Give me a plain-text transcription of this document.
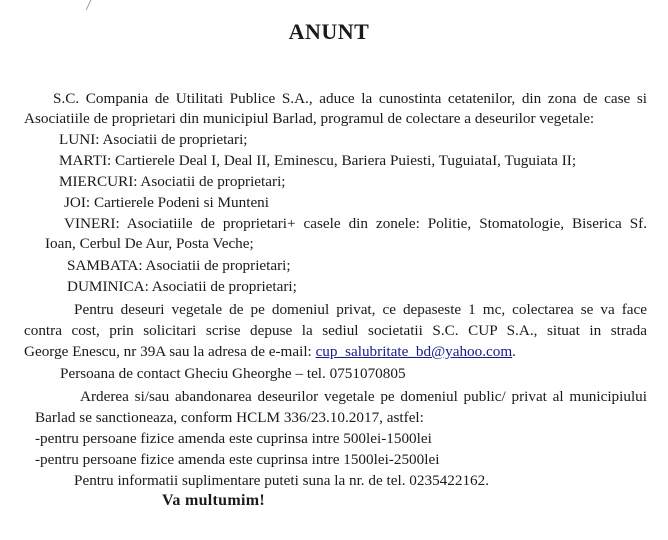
ANUNT
S.C. Compania de Utilitati Publice S.A., aduce la cunostinta cetatenilor, din zona de case si
Asociatiile de proprietari din municipiul Barlad, programul de colectare a deseurilor vegetale:
LUNI: Asociatii de proprietari;
MARTI: Cartierele Deal I, Deal II, Eminescu, Bariera Puiesti, TuguiataI, Tuguiata II;
MIERCURI: Asociatii de proprietari;
JOI: Cartierele Podeni si Munteni
VINERI: Asociatiile de proprietari+ casele din zonele: Politie, Stomatologie, Biserica Sf.
Ioan, Cerbul De Aur, Posta Veche;
SAMBATA: Asociatii de proprietari;
DUMINICA: Asociatii de proprietari;
Pentru deseuri vegetale de pe domeniul privat, ce depaseste 1 mc, colectarea se va face
contra cost, prin solicitari scrise depuse la sediul societatii S.C. CUP S.A., situat in strada
George Enescu, nr 39A sau la adresa de e-mail: cup_salubritate_bd@yahoo.com.
Persoana de contact Gheciu Gheorghe – tel. 0751070805
Arderea si/sau abandonarea deseurilor vegetale pe domeniul public/ privat al municipiului
Barlad se sanctioneaza, conform HCLM 336/23.10.2017, astfel:
-pentru persoane fizice amenda este cuprinsa intre 500lei-1500lei
-pentru persoane fizice amenda este cuprinsa intre 1500lei-2500lei
Pentru informatii suplimentare puteti suna la nr. de tel. 0235422162.
Va multumim!
